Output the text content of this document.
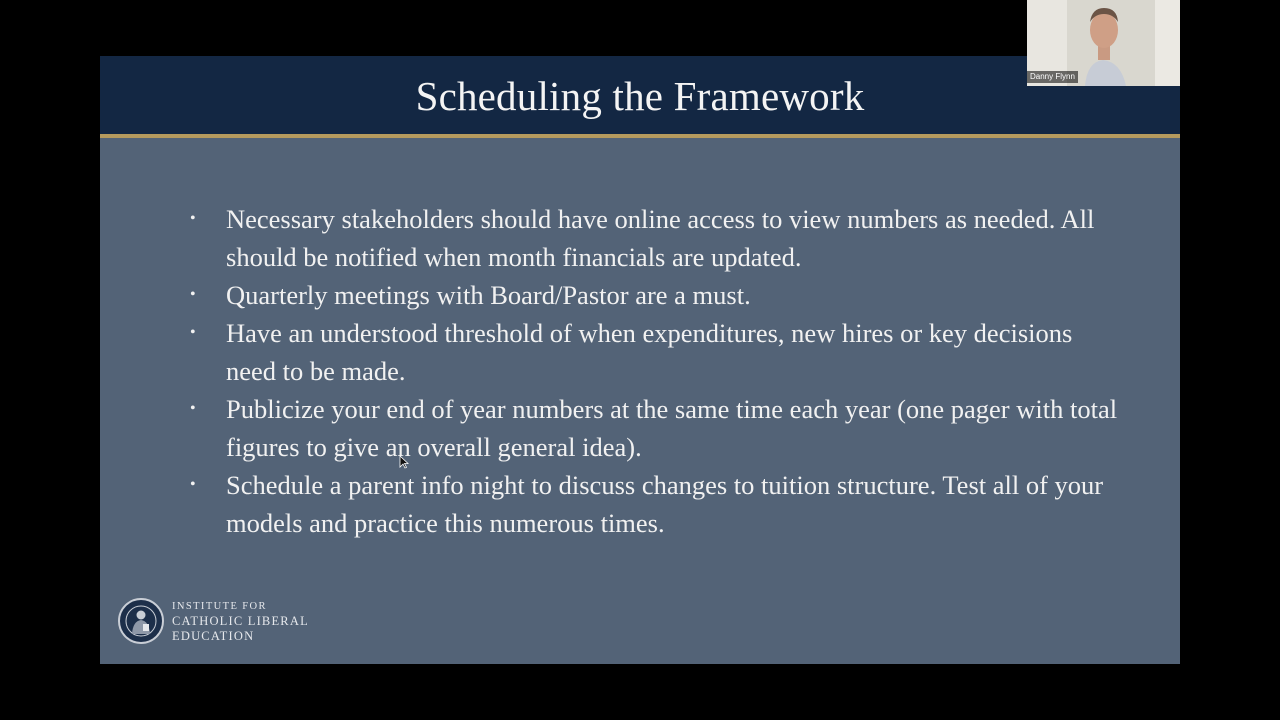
Scheduling the Framework
• Necessary stakeholders should have online access to view numbers as needed. All should be notified when month financials are updated.
• Quarterly meetings with Board/Pastor are a must.
• Have an understood threshold of when expenditures, new hires or key decisions need to be made.
• Publicize your end of year numbers at the same time each year (one pager with total figures to give an overall general idea).
• Schedule a parent info night to discuss changes to tuition structure. Test all of your models and practice this numerous times.
INSTITUTE FOR
CATHOLIC LIBERAL
EDUCATION
Danny Flynn
